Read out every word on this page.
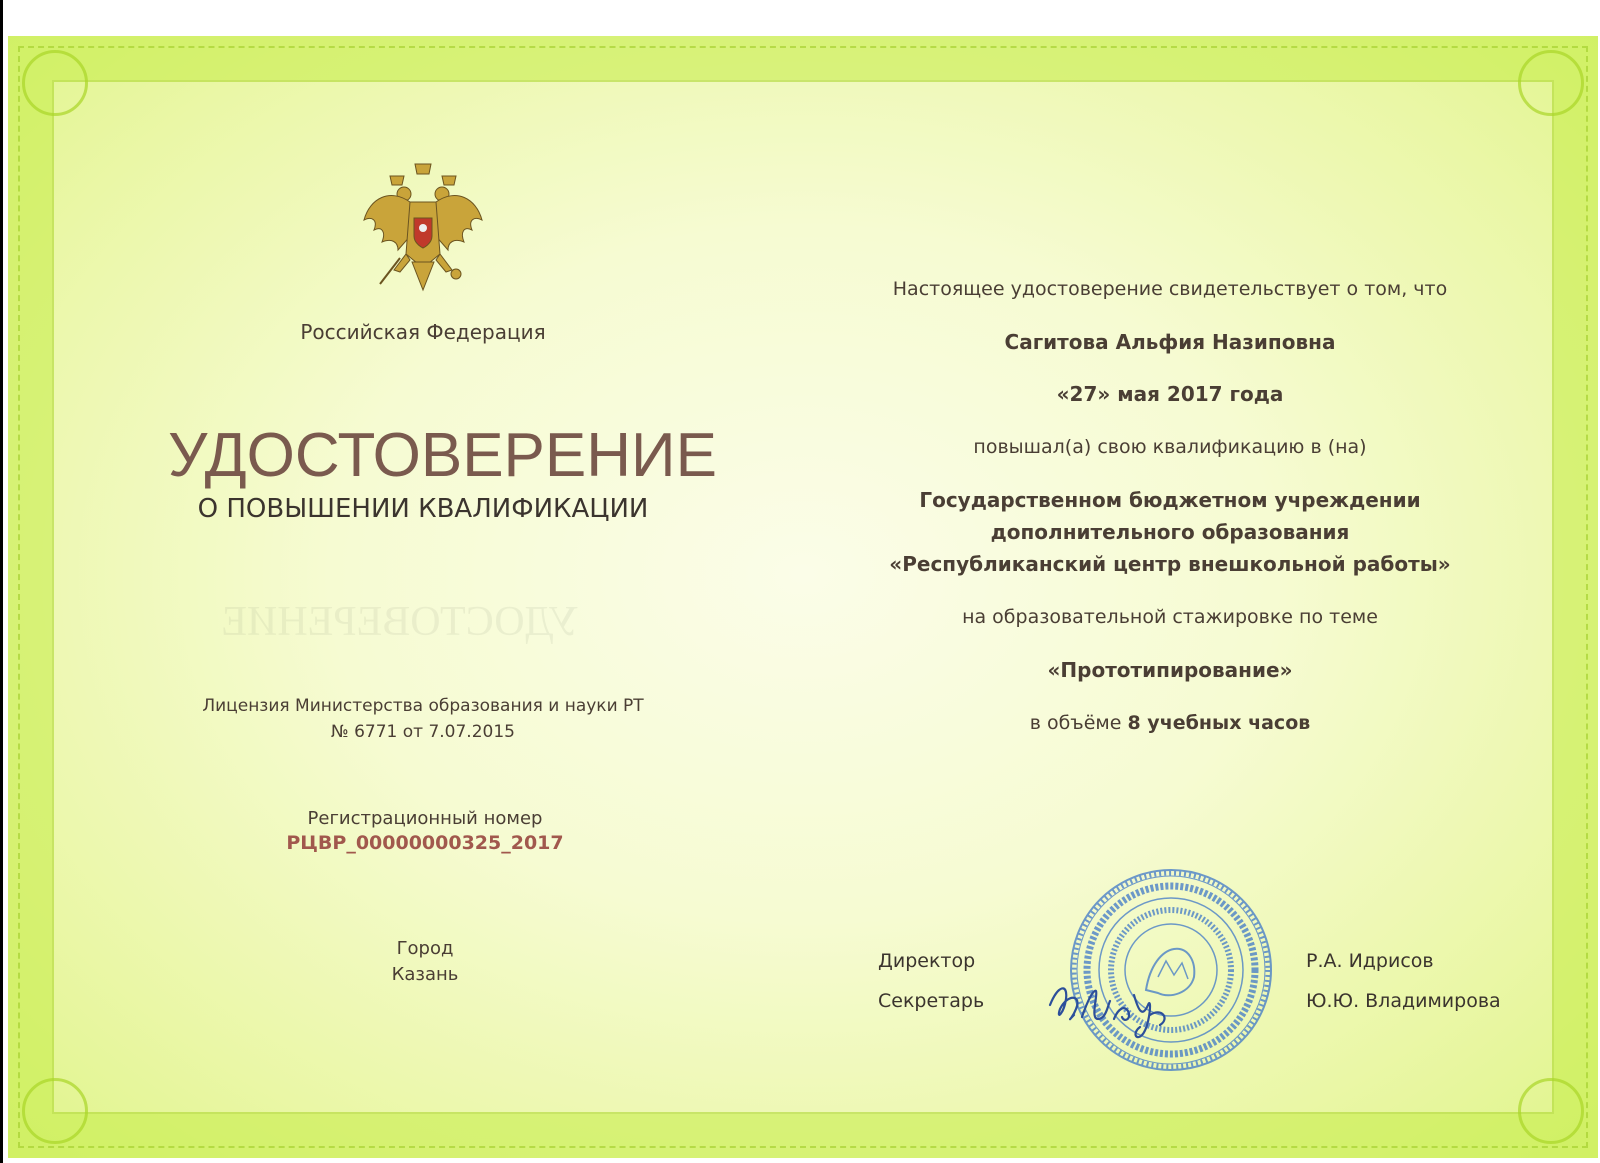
УДОСТОВЕРЕНИЕ
Российская Федерация
УДОСТОВЕРЕНИЕ
О ПОВЫШЕНИИ КВАЛИФИКАЦИИ
Лицензия Министерства образования и науки РТ
№ 6771 от 7.07.2015
Регистрационный номер
РЦВР_00000000325_2017
Город
Казань
Настоящее удостоверение свидетельствует о том, что
Сагитова Альфия Назиповна
«27» мая 2017 года
повышал(а) свою квалификацию в (на)
Государственном бюджетном учреждении
дополнительного образования
«Республиканский центр внешкольной работы»
на образовательной стажировке по теме
«Прототипирование»
в объёме 8 учебных часов
Директор
Секретарь
Р.А. Идрисов
Ю.Ю. Владимирова
